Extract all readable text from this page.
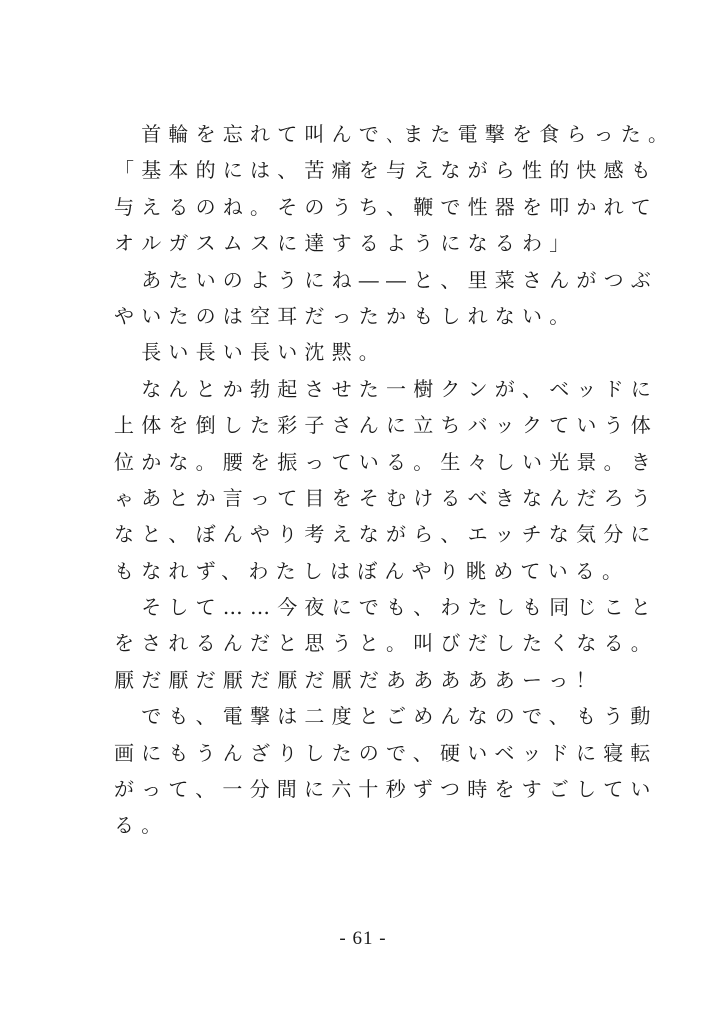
　首輪を忘れて叫んで､また電撃を食らった。
「基本的には、苦痛を与えながら性的快感も
与えるのね。そのうち、鞭で性器を叩かれて
オルガスムスに達するようになるわ」
　あたいのようにね――と、里菜さんがつぶ
やいたのは空耳だったかもしれない。
　長い長い長い沈黙。
　なんとか勃起させた一樹クンが、ベッドに
上体を倒した彩子さんに立ちバックていう体
位かな。腰を振っている。生々しい光景。き
ゃあとか言って目をそむけるべきなんだろう
なと、ぼんやり考えながら、エッチな気分に
もなれず、わたしはぼんやり眺めている。
　そして……今夜にでも、わたしも同じこと
をされるんだと思うと。叫びだしたくなる。
厭だ厭だ厭だ厭だ厭だあああああーっ！
　でも、電撃は二度とごめんなので、もう動
画にもうんざりしたので、硬いベッドに寝転
がって、一分間に六十秒ずつ時をすごしてい
る。
- 61 -
